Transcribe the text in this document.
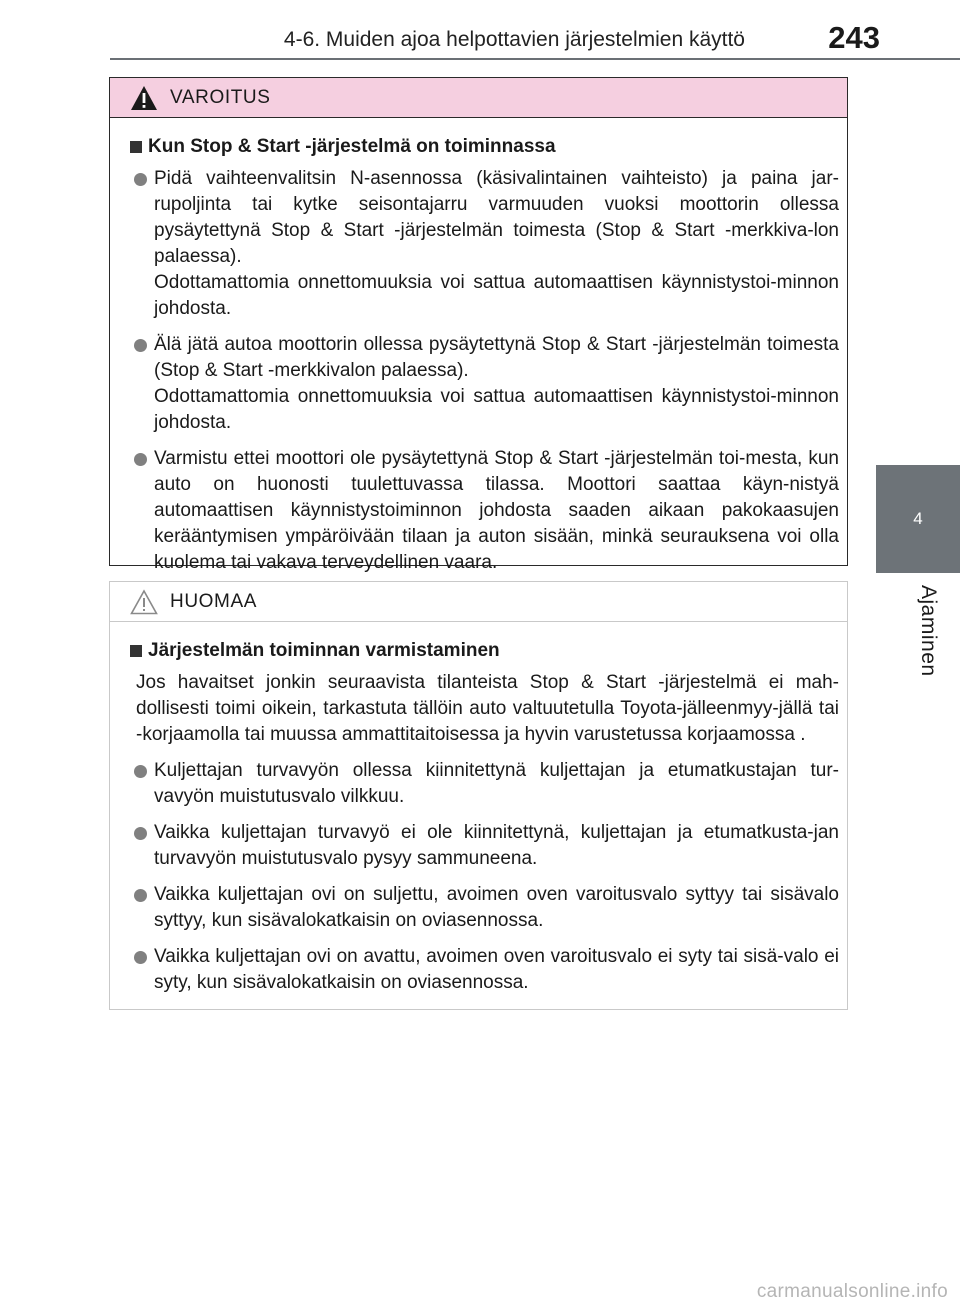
4-6. Muiden ajoa helpottavien järjestelmien käyttö	243
4
Ajaminen
VAROITUS
Kun Stop & Start -järjestelmä on toiminnassa

Pidä vaihteenvalitsin N-asennossa (käsivalintainen vaihteisto) ja paina jar-rupoljinta tai kytke seisontajarru varmuuden vuoksi moottorin ollessa pysäytettynä Stop & Start -järjestelmän toimesta (Stop & Start -merkkiva-lon palaessa).

Odottamattomia onnettomuuksia voi sattua automaattisen käynnistystoi-minnon johdosta.

Älä jätä autoa moottorin ollessa pysäytettynä Stop & Start -järjestelmän toimesta (Stop & Start -merkkivalon palaessa).

Odottamattomia onnettomuuksia voi sattua automaattisen käynnistystoi-minnon johdosta.

Varmistu ettei moottori ole pysäytettynä Stop & Start -järjestelmän toi-mesta, kun auto on huonosti tuulettuvassa tilassa. Moottori saattaa käyn-nistyä automaattisen käynnistystoiminnon johdosta saaden aikaan pakokaasujen kerääntymisen ympäröivään tilaan ja auton sisään, minkä seurauksena voi olla kuolema tai vakava terveydellinen vaara.

HUOMAA
Järjestelmän toiminnan varmistaminen

Jos havaitset jonkin seuraavista tilanteista Stop & Start -järjestelmä ei mah-dollisesti toimi oikein, tarkastuta tällöin auto valtuutetulla Toyota-jälleenmyy-jällä tai -korjaamolla tai muussa ammattitaitoisessa ja hyvin varustetussa korjaamossa .

Kuljettajan turvavyön ollessa kiinnitettynä kuljettajan ja etumatkustajan tur-vavyön muistutusvalo vilkkuu.

Vaikka kuljettajan turvavyö ei ole kiinnitettynä, kuljettajan ja etumatkusta-jan turvavyön muistutusvalo pysyy sammuneena.

Vaikka kuljettajan ovi on suljettu, avoimen oven varoitusvalo syttyy tai sisävalo syttyy, kun sisävalokatkaisin on oviasennossa.

Vaikka kuljettajan ovi on avattu, avoimen oven varoitusvalo ei syty tai sisä-valo ei syty, kun sisävalokatkaisin on oviasennossa.

carmanualsonline.info
